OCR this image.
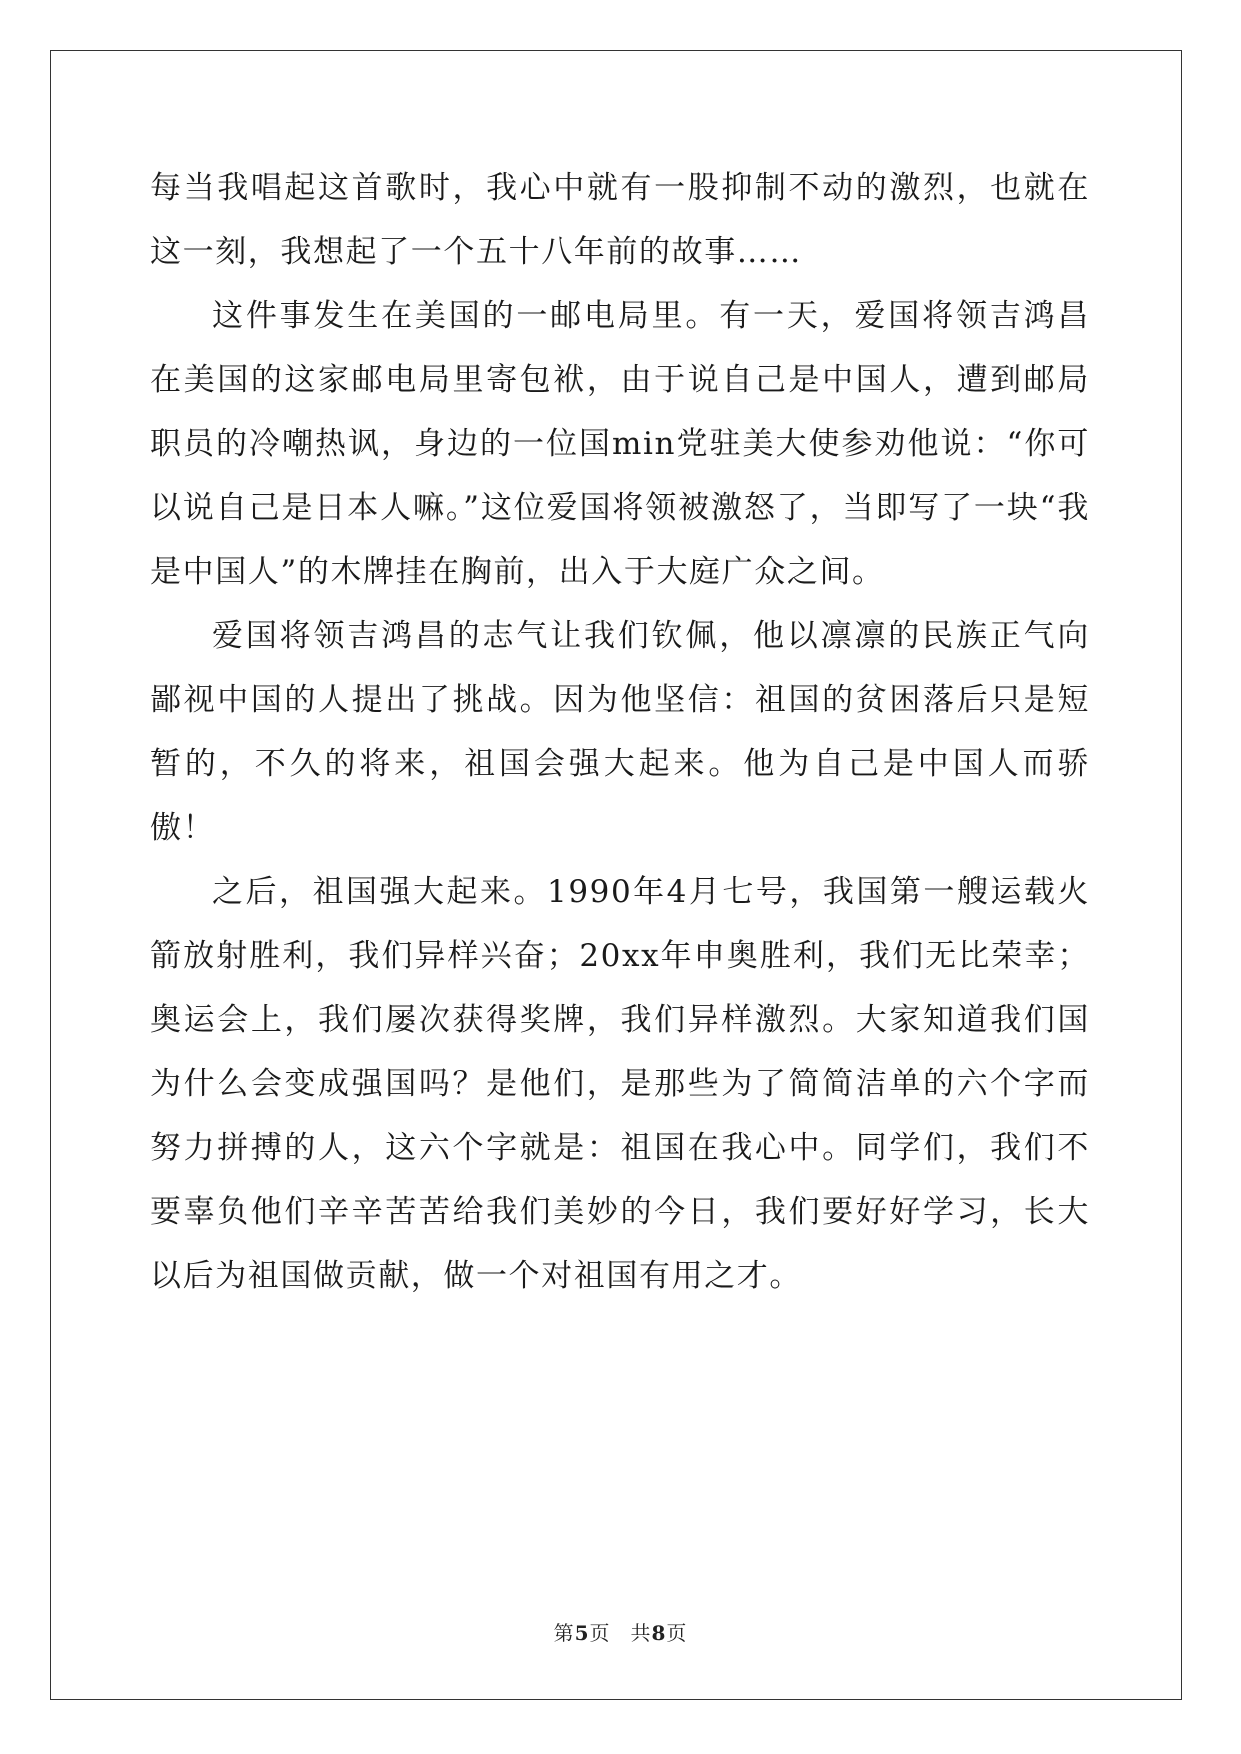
每当我唱起这首歌时，我心中就有一股抑制不动的激烈，也就在这一刻，我想起了一个五十八年前的故事……

这件事发生在美国的一邮电局里。有一天，爱国将领吉鸿昌在美国的这家邮电局里寄包袱，由于说自己是中国人，遭到邮局职员的冷嘲热讽，身边的一位国min党驻美大使参劝他说：“你可以说自己是日本人嘛。”这位爱国将领被激怒了，当即写了一块“我是中国人”的木牌挂在胸前，出入于大庭广众之间。

爱国将领吉鸿昌的志气让我们钦佩，他以凛凛的民族正气向鄙视中国的人提出了挑战。因为他坚信：祖国的贫困落后只是短暂的，不久的将来，祖国会强大起来。他为自己是中国人而骄傲！

之后，祖国强大起来。1990年4月七号，我国第一艘运载火箭放射胜利，我们异样兴奋；20xx年申奥胜利，我们无比荣幸；奥运会上，我们屡次获得奖牌，我们异样激烈。大家知道我们国为什么会变成强国吗？是他们，是那些为了简简洁单的六个字而努力拼搏的人，这六个字就是：祖国在我心中。同学们，我们不要辜负他们辛辛苦苦给我们美妙的今日，我们要好好学习，长大以后为祖国做贡献，做一个对祖国有用之才。

第5页 共8页
